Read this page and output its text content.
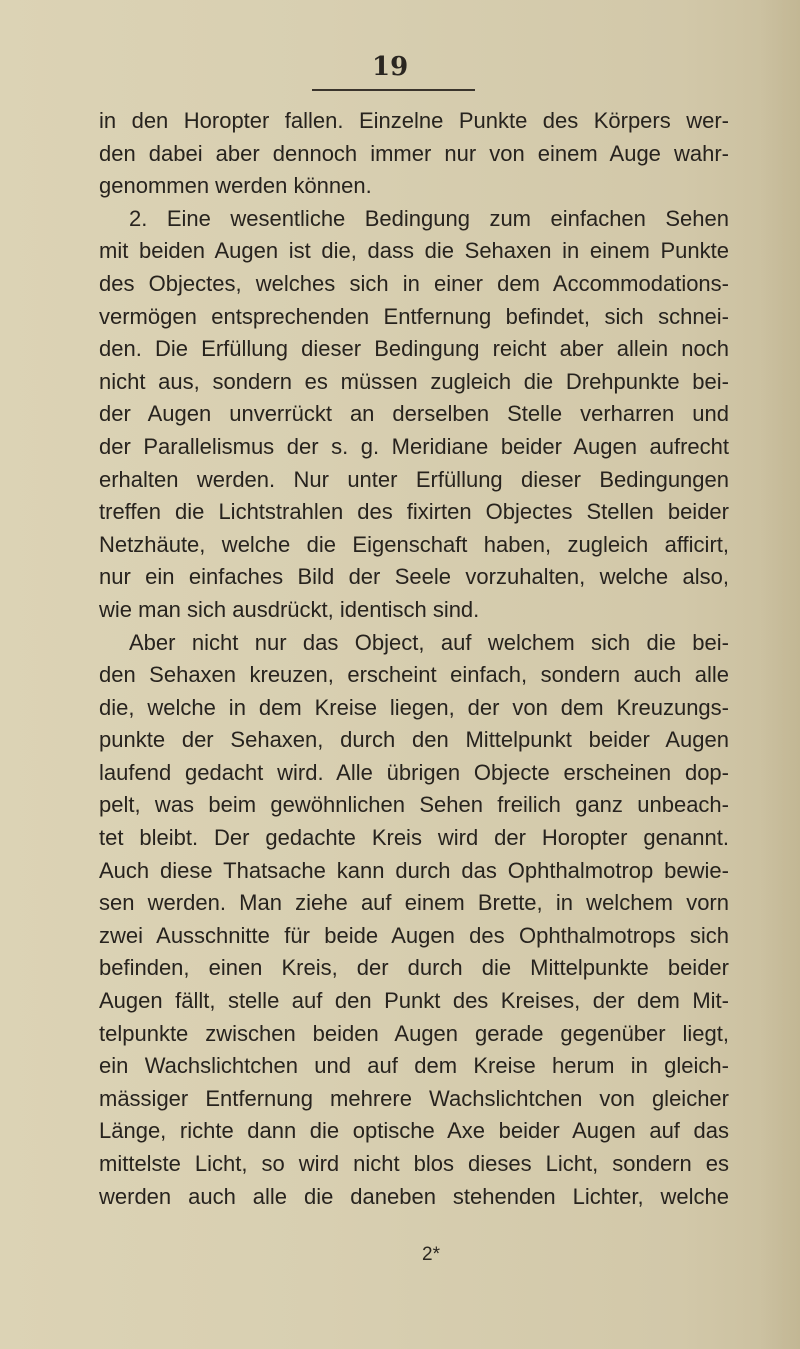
19
in den Horopter fallen. Einzelne Punkte des Körpers wer-
den dabei aber dennoch immer nur von einem Auge wahr-
genommen werden können.
2. Eine wesentliche Bedingung zum einfachen Sehen
mit beiden Augen ist die, dass die Sehaxen in einem Punkte
des Objectes, welches sich in einer dem Accommodations-
vermögen entsprechenden Entfernung befindet, sich schnei-
den. Die Erfüllung dieser Bedingung reicht aber allein noch
nicht aus, sondern es müssen zugleich die Drehpunkte bei-
der Augen unverrückt an derselben Stelle verharren und
der Parallelismus der s. g. Meridiane beider Augen aufrecht
erhalten werden. Nur unter Erfüllung dieser Bedingungen
treffen die Lichtstrahlen des fixirten Objectes Stellen beider
Netzhäute, welche die Eigenschaft haben, zugleich afficirt,
nur ein einfaches Bild der Seele vorzuhalten, welche also,
wie man sich ausdrückt, identisch sind.
Aber nicht nur das Object, auf welchem sich die bei-
den Sehaxen kreuzen, erscheint einfach, sondern auch alle
die, welche in dem Kreise liegen, der von dem Kreuzungs-
punkte der Sehaxen, durch den Mittelpunkt beider Augen
laufend gedacht wird. Alle übrigen Objecte erscheinen dop-
pelt, was beim gewöhnlichen Sehen freilich ganz unbeach-
tet bleibt. Der gedachte Kreis wird der Horopter genannt.
Auch diese Thatsache kann durch das Ophthalmotrop bewie-
sen werden. Man ziehe auf einem Brette, in welchem vorn
zwei Ausschnitte für beide Augen des Ophthalmotrops sich
befinden, einen Kreis, der durch die Mittelpunkte beider
Augen fällt, stelle auf den Punkt des Kreises, der dem Mit-
telpunkte zwischen beiden Augen gerade gegenüber liegt,
ein Wachslichtchen und auf dem Kreise herum in gleich-
mässiger Entfernung mehrere Wachslichtchen von gleicher
Länge, richte dann die optische Axe beider Augen auf das
mittelste Licht, so wird nicht blos dieses Licht, sondern es
werden auch alle die daneben stehenden Lichter, welche
2*
